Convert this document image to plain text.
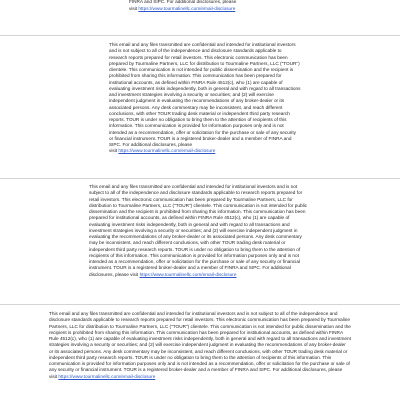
FINRA and SIPC. For additional disclosures, please
visit https://www.tourmalinellc.com/email-disclosure

This email and any files transmitted are confidential and intended for institutional investors and is not subject to all of the independence and disclosure standards applicable to research reports prepared for retail investors. This electronic communication has been prepared by Tourmaline Partners, LLC for distribution to Tourmaline Partners, LLC ("TOUR") clientele. This communication is not intended for public dissemination and the recipient is prohibited from sharing this information. This communication has been prepared for institutional accounts, as defined within FINRA Rule 4512(c), who (1) are capable of evaluating investment risks independently, both in general and with regard to all transactions and investment strategies involving a security or securities; and (2) will exercise independent judgment in evaluating the recommendations of any broker-dealer or its associated persons. Any desk commentary may be inconsistent, and reach different conclusions, with other TOUR trading desk material or independent third party research reports. TOUR is under no obligation to bring them to the attention of recipients of this information. This communication is provided for information purposes only and is not intended as a recommendation, offer or solicitation for the purchase or sale of any security or financial instrument. TOUR is a registered broker-dealer and a member of FINRA and SIPC. For additional disclosures, please
visit https://www.tourmalinellc.com/email-disclosure

This email and any files transmitted are confidential and intended for institutional investors and is not subject to all of the independence and disclosure standards applicable to research reports prepared for retail investors. This electronic communication has been prepared by Tourmaline Partners, LLC for distribution to Tourmaline Partners, LLC ("TOUR") clientele. This communication is not intended for public dissemination and the recipient is prohibited from sharing this information. This communication has been prepared for institutional accounts, as defined within FINRA Rule 4512(c), who (1) are capable of evaluating investment risks independently, both in general and with regard to all transactions and investment strategies involving a security or securities; and (2) will exercise independent judgment in evaluating the recommendations of any broker-dealer or its associated persons. Any desk commentary may be inconsistent, and reach different conclusions, with other TOUR trading desk material or independent third party research reports. TOUR is under no obligation to bring them to the attention of recipients of this information. This communication is provided for information purposes only and is not intended as a recommendation, offer or solicitation for the purchase or sale of any security or financial instrument. TOUR is a registered broker-dealer and a member of FINRA and SIPC. For additional disclosures, please visit https://www.tourmalinellc.com/email-disclosure

This email and any files transmitted are confidential and intended for institutional investors and is not subject to all of the independence and disclosure standards applicable to research reports prepared for retail investors. This electronic communication has been prepared by Tourmaline Partners, LLC for distribution to Tourmaline Partners, LLC ("TOUR") clientele. This communication is not intended for public dissemination and the recipient is prohibited from sharing this information. This communication has been prepared for institutional accounts, as defined within FINRA Rule 4512(c), who (1) are capable of evaluating investment risks independently, both in general and with regard to all transactions and investment strategies involving a security or securities; and (2) will exercise independent judgment in evaluating the recommendations of any broker-dealer or its associated persons. Any desk commentary may be inconsistent, and reach different conclusions, with other TOUR trading desk material or independent third party research reports. TOUR is under no obligation to bring them to the attention of recipients of this information. This communication is provided for information purposes only and is not intended as a recommendation, offer or solicitation for the purchase or sale of any security or financial instrument. TOUR is a registered broker-dealer and a member of FINRA and SIPC. For additional disclosures, please visit https://www.tourmalinellc.com/email-disclosure
